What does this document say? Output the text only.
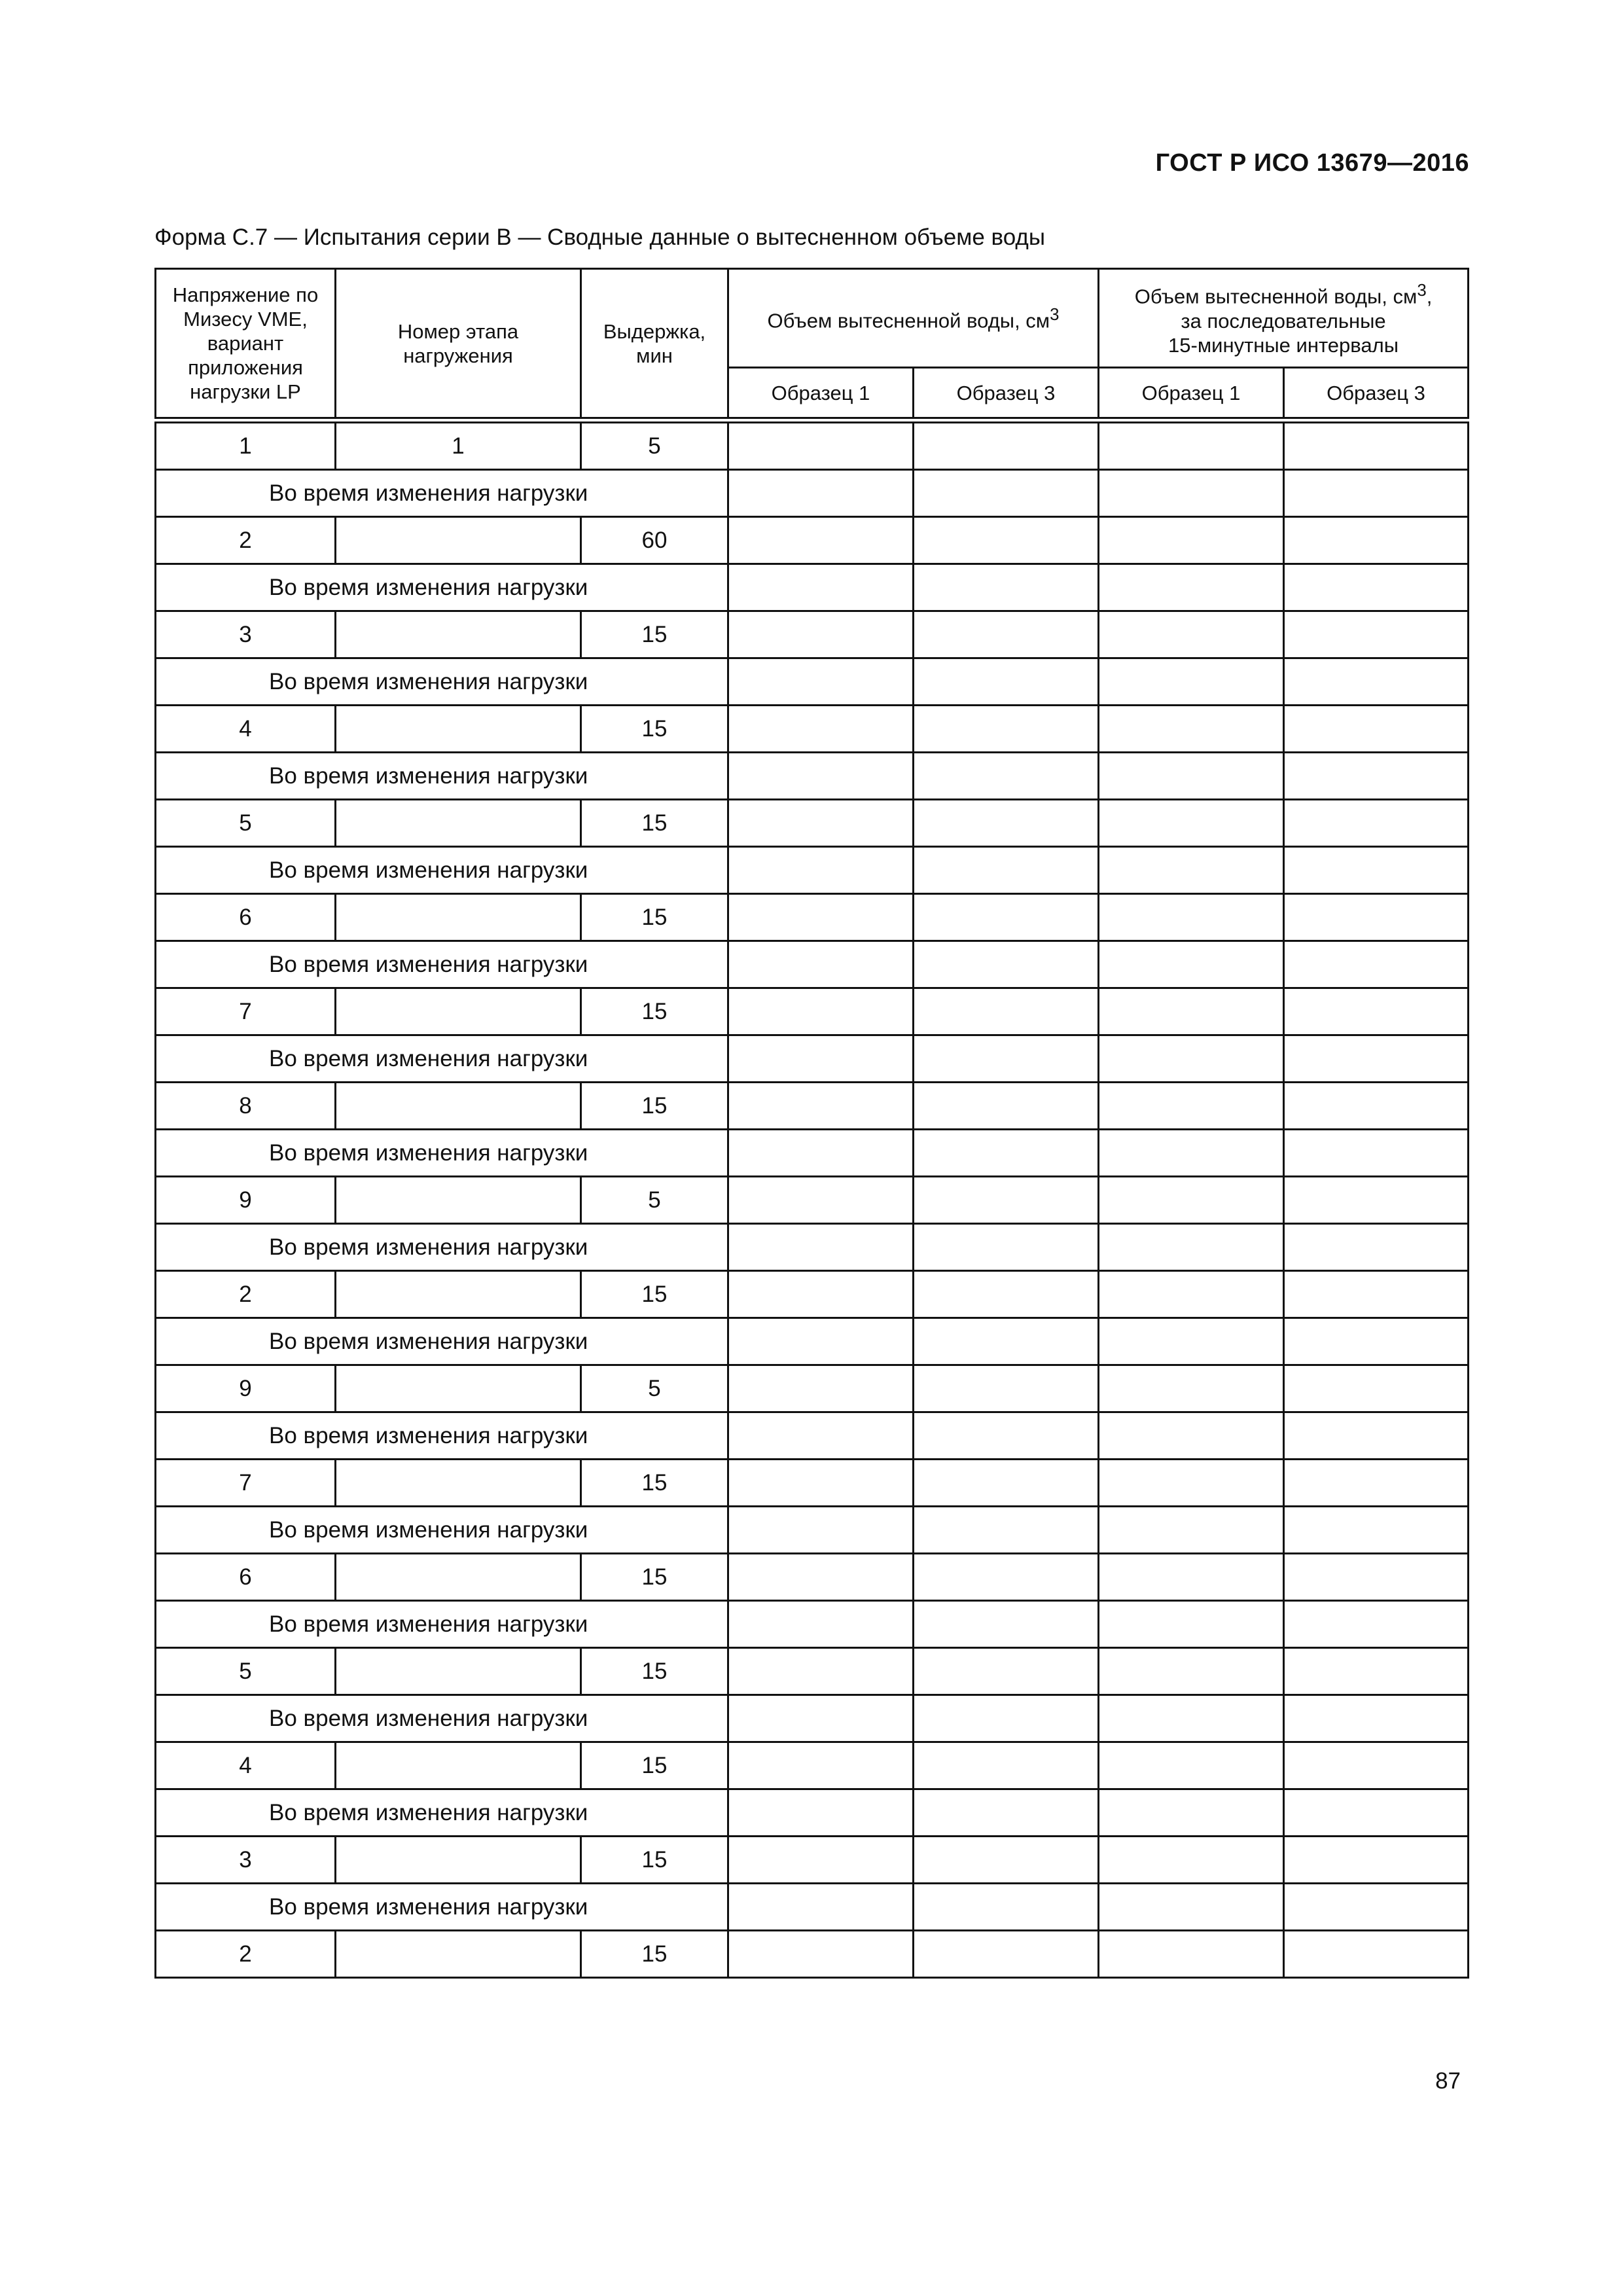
ГОСТ Р ИСО 13679—2016
Форма С.7 — Испытания серии В — Сводные данные о вытесненном объеме воды
Напряжение по Мизесу VME, вариант приложения нагрузки LP	Номер этапа нагружения	Выдержка, мин	Объем вытесненной воды, $см^3$		Объем вытесненной воды, $см^3$,
за последовательные
15-минутные интервалы	

			Образец 1	Образец 3	Образец 1	Образец 3

1	1	5				

Во время изменения нагрузки						

2		60				

Во время изменения нагрузки						

3		15				

Во время изменения нагрузки						

4		15				

Во время изменения нагрузки						

5		15				

Во время изменения нагрузки						

6		15				

Во время изменения нагрузки						

7		15				

Во время изменения нагрузки						

8		15				

Во время изменения нагрузки						

9		5				

Во время изменения нагрузки						

2		15				

Во время изменения нагрузки						

9		5				

Во время изменения нагрузки						

7		15				

Во время изменения нагрузки						

6		15				

Во время изменения нагрузки						

5		15				

Во время изменения нагрузки						

4		15				

Во время изменения нагрузки						

3		15				

Во время изменения нагрузки						

2		15				
87
